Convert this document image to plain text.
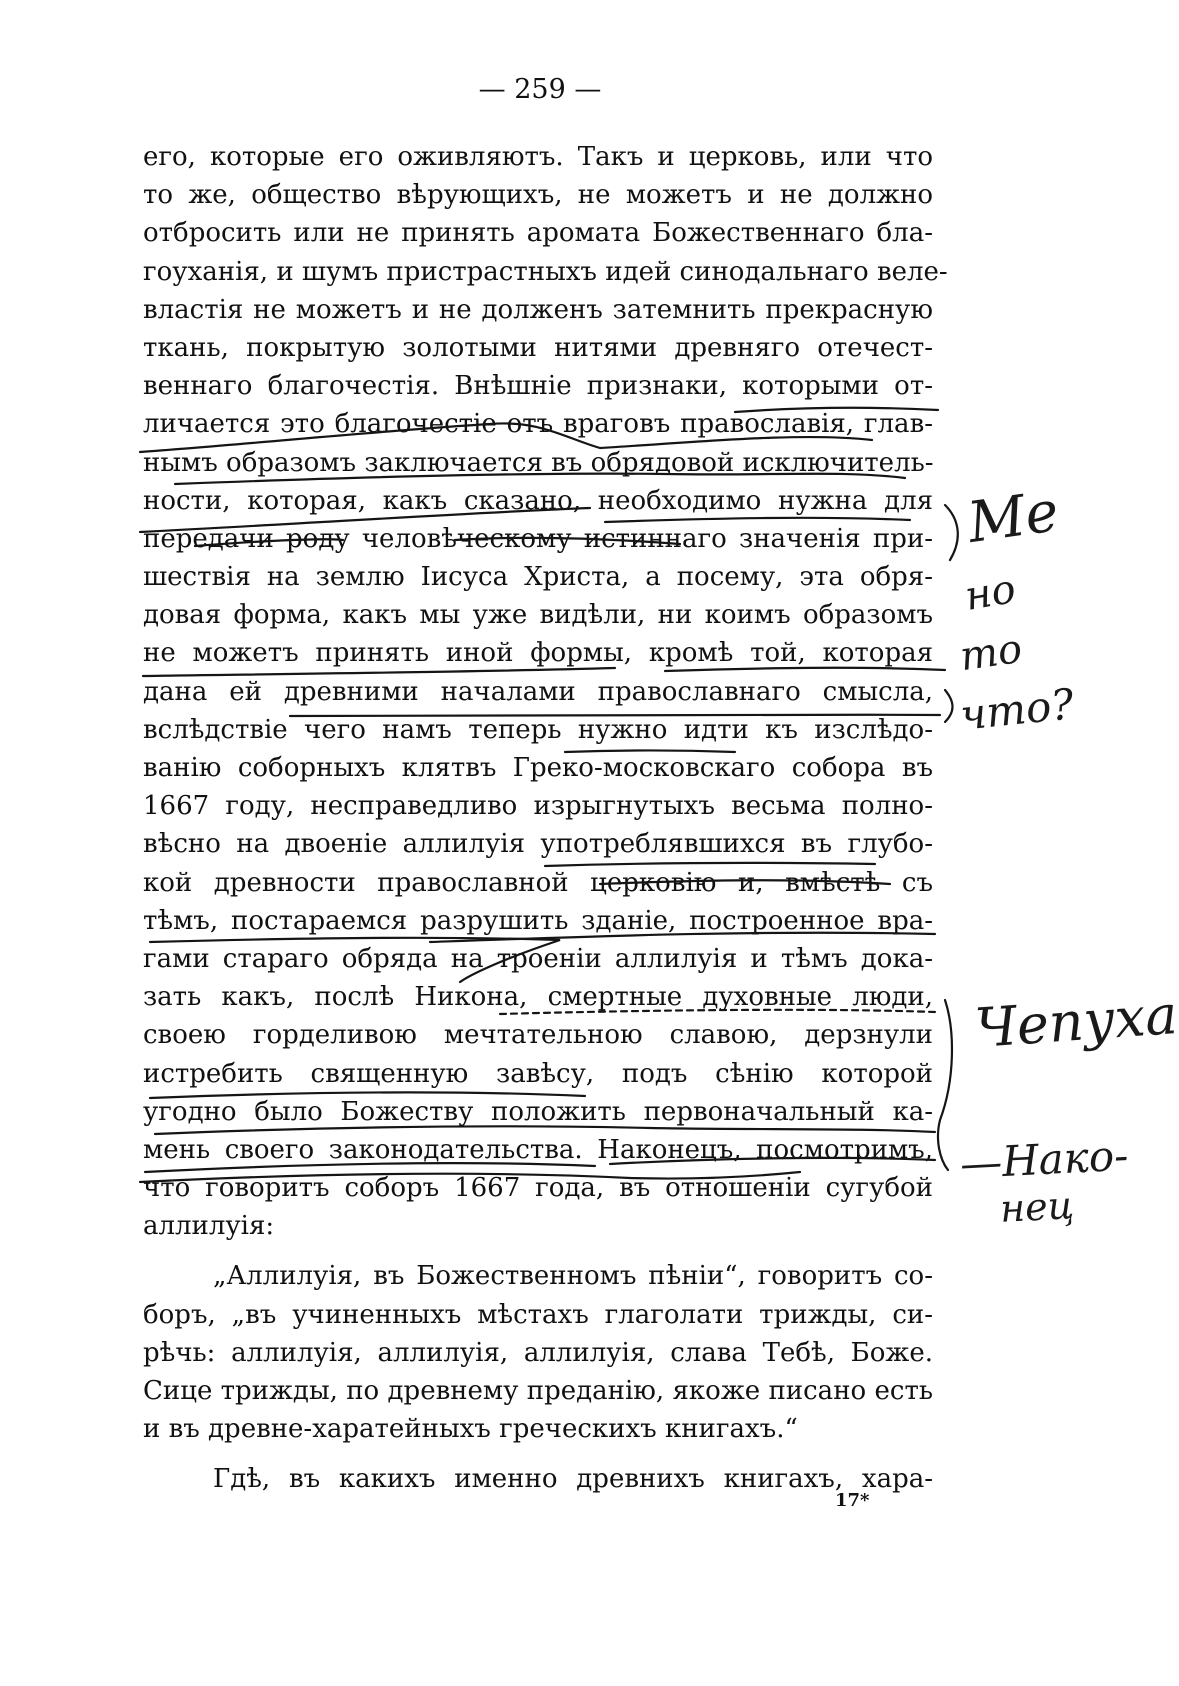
— 259 —
его, которые его оживляютъ. Такъ и церковь, или что
то же, общество вѣрующихъ, не можетъ и не должно
отбросить или не принять аромата Божественнаго бла-
гоуханія, и шумъ пристрастныхъ идей синодальнаго веле-
властія не можетъ и не долженъ затемнить прекрасную
ткань, покрытую золотыми нитями древняго отечест-
веннаго благочестія. Внѣшніе признаки, которыми от-
личается это благочестіе отъ враговъ православія, глав-
нымъ образомъ заключается въ обрядовой исключитель-
ности, которая, какъ сказано, необходимо нужна для
передачи роду человѣческому истиннаго значенія при-
шествія на землю Іисуса Христа, а посему, эта обря-
довая форма, какъ мы уже видѣли, ни коимъ образомъ
не можетъ принять иной формы, кромѣ той, которая
дана ей древними началами православнаго смысла,
вслѣдствіе чего намъ теперь нужно идти къ изслѣдо-
ванію соборныхъ клятвъ Греко-московскаго собора въ
1667 году, несправедливо изрыгнутыхъ весьма полно-
вѣсно на двоеніе аллилуія употреблявшихся въ глубо-
кой древности православной церковію и, вмѣстѣ съ
тѣмъ, постараемся разрушить зданіе, построенное вра-
гами стараго обряда на троеніи аллилуія и тѣмъ дока-
зать какъ, послѣ Никона, смертные духовные люди,
своею горделивою мечтательною славою, дерзнули
истребить священную завѣсу, подъ сѣнію которой
угодно было Божеству положить первоначальный ка-
мень своего законодательства. Наконецъ, посмотримъ,
что говоритъ соборъ 1667 года, въ отношеніи сугубой
аллилуія:
„Аллилуія, въ Божественномъ пѣніи“, говоритъ со-
боръ, „въ учиненныхъ мѣстахъ глаголати трижды, си-
рѣчь: аллилуія, аллилуія, аллилуія, слава Тебѣ, Боже.
Сице трижды, по древнему преданію, якоже писано есть
и въ древне-харатейныхъ греческихъ книгахъ.“
Гдѣ, въ какихъ именно древнихъ книгахъ, хара-
17*
Ме
но
то
что?
Чепуха
—Нако-
нец
